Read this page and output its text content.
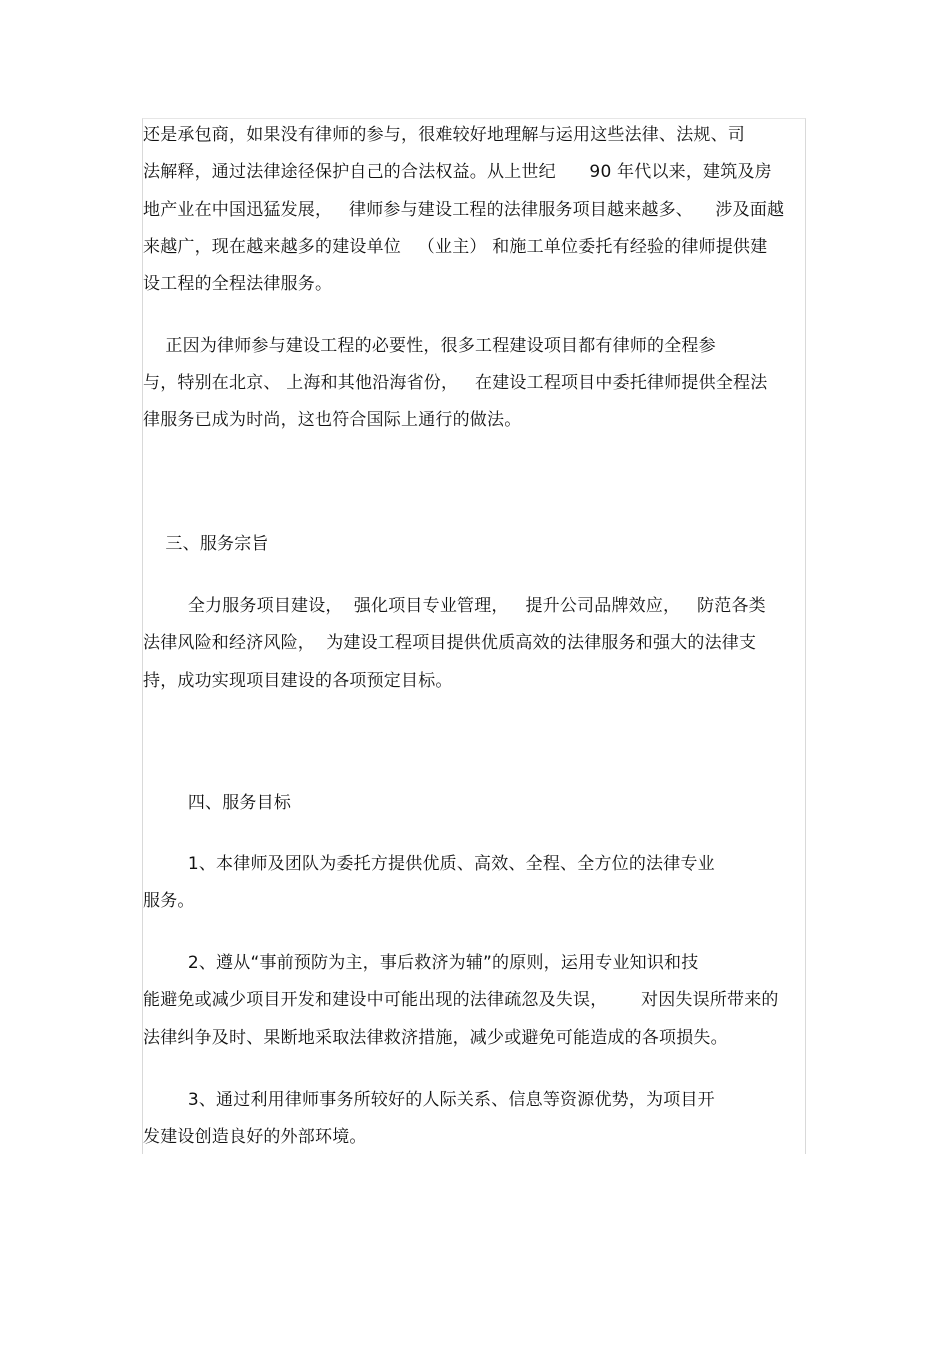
还是承包商，如果没有律师的参与，很难较好地理解与运用这些法律、法规、司
法解释，通过法律途径保护自己的合法权益。从上世纪      90 年代以来，建筑及房
地产业在中国迅猛发展，   律师参与建设工程的法律服务项目越来越多、    涉及面越
来越广，现在越来越多的建设单位   （业主） 和施工单位委托有经验的律师提供建
设工程的全程法律服务。
正因为律师参与建设工程的必要性，很多工程建设项目都有律师的全程参
与，特别在北京、 上海和其他沿海省份，   在建设工程项目中委托律师提供全程法
律服务已成为时尚，这也符合国际上通行的做法。
三、服务宗旨
全力服务项目建设，  强化项目专业管理，   提升公司品牌效应，   防范各类
法律风险和经济风险，  为建设工程项目提供优质高效的法律服务和强大的法律支
持，成功实现项目建设的各项预定目标。
四、服务目标
1、本律师及团队为委托方提供优质、高效、全程、全方位的法律专业
服务。
2、遵从“事前预防为主，事后救济为辅”的原则，运用专业知识和技
能避免或减少项目开发和建设中可能出现的法律疏忽及失误，      对因失误所带来的
法律纠争及时、果断地采取法律救济措施，减少或避免可能造成的各项损失。
3、通过利用律师事务所较好的人际关系、信息等资源优势，为项目开
发建设创造良好的外部环境。
